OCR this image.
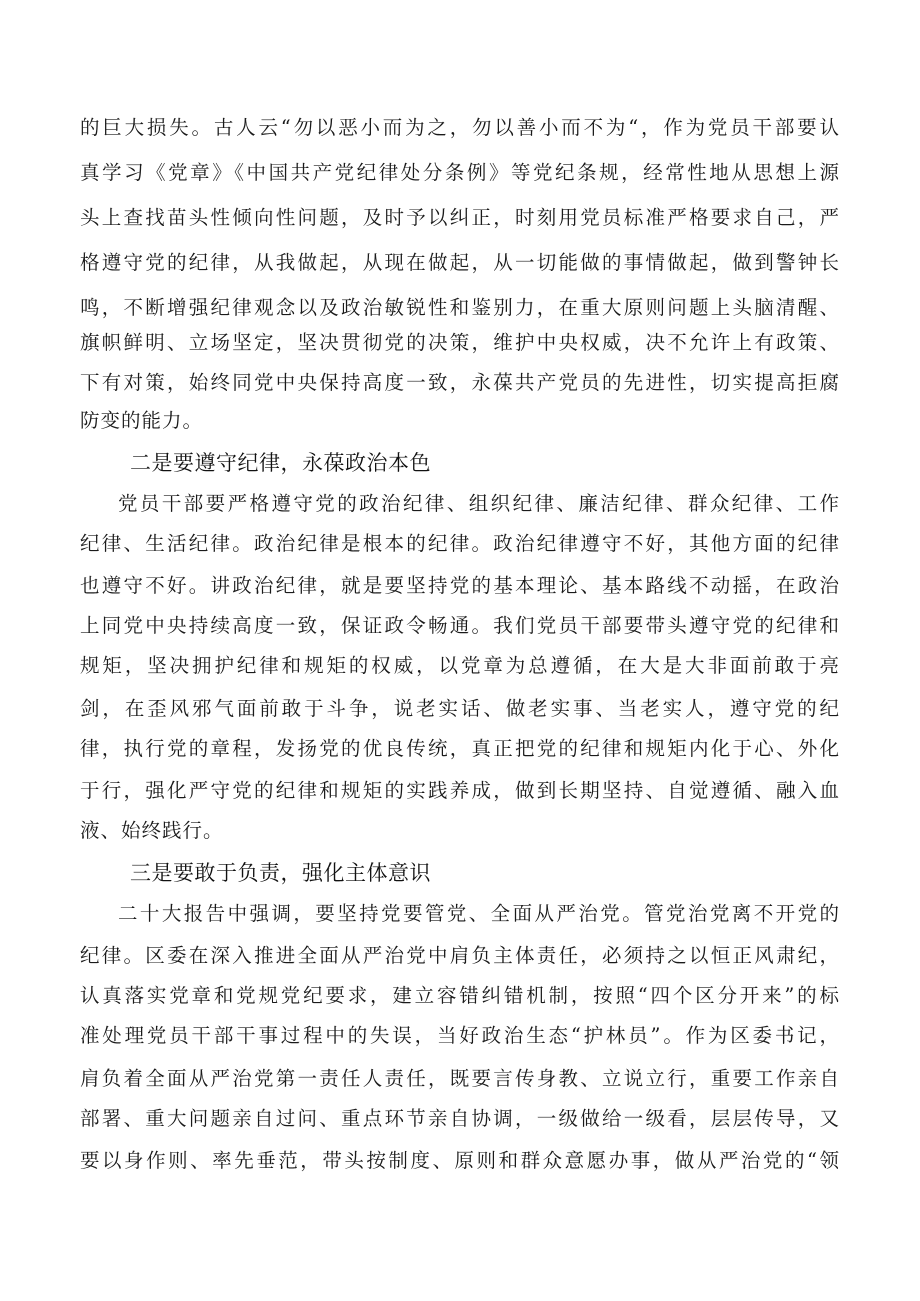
的巨大损失。古人云“勿以恶小而为之，勿以善小而不为“，作为党员干部要认
真学习《党章》《中国共产党纪律处分条例》等党纪条规，经常性地从思想上源
头上查找苗头性倾向性问题，及时予以纠正，时刻用党员标准严格要求自己，严
格遵守党的纪律，从我做起，从现在做起，从一切能做的事情做起，做到警钟长
鸣，不断增强纪律观念以及政治敏锐性和鉴别力，在重大原则问题上头脑清醒、
旗帜鲜明、立场坚定，坚决贯彻党的决策，维护中央权威，决不允许上有政策、
下有对策，始终同党中央保持高度一致，永葆共产党员的先进性，切实提高拒腐
防变的能力。
二是要遵守纪律，永葆政治本色
党员干部要严格遵守党的政治纪律、组织纪律、廉洁纪律、群众纪律、工作
纪律、生活纪律。政治纪律是根本的纪律。政治纪律遵守不好，其他方面的纪律
也遵守不好。讲政治纪律，就是要坚持党的基本理论、基本路线不动摇，在政治
上同党中央持续高度一致，保证政令畅通。我们党员干部要带头遵守党的纪律和
规矩，坚决拥护纪律和规矩的权威，以党章为总遵循，在大是大非面前敢于亮
剑，在歪风邪气面前敢于斗争，说老实话、做老实事、当老实人，遵守党的纪
律，执行党的章程，发扬党的优良传统，真正把党的纪律和规矩内化于心、外化
于行，强化严守党的纪律和规矩的实践养成，做到长期坚持、自觉遵循、融入血
液、始终践行。
三是要敢于负责，强化主体意识
二十大报告中强调，要坚持党要管党、全面从严治党。管党治党离不开党的
纪律。区委在深入推进全面从严治党中肩负主体责任，必须持之以恒正风肃纪，
认真落实党章和党规党纪要求，建立容错纠错机制，按照“四个区分开来”的标
准处理党员干部干事过程中的失误，当好政治生态“护林员”。作为区委书记，
肩负着全面从严治党第一责任人责任，既要言传身教、立说立行，重要工作亲自
部署、重大问题亲自过问、重点环节亲自协调，一级做给一级看，层层传导，又
要以身作则、率先垂范，带头按制度、原则和群众意愿办事，做从严治党的“领
